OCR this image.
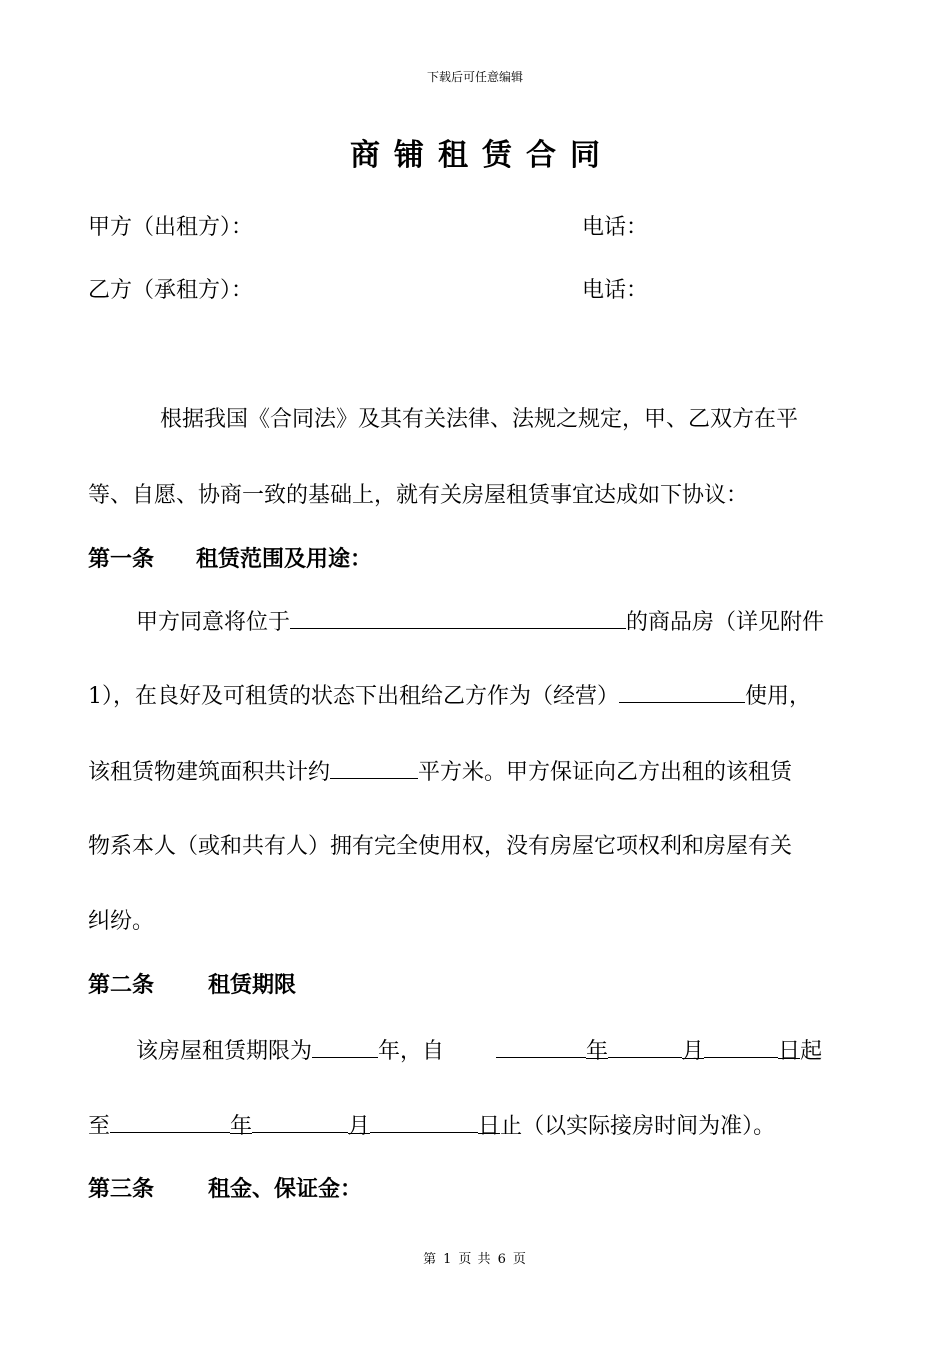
下载后可任意编辑
商铺租赁合同
甲方（出租方）：	电话：
乙方（承租方）：	电话：
根据我国《合同法》及其有关法律、法规之规定，甲、乙双方在平
等、自愿、协商一致的基础上，就有关房屋租赁事宜达成如下协议：
第一条 租赁范围及用途：
甲方同意将位于	的商品房（详见附件
1），在良好及可租赁的状态下出租给乙方作为（经营）	使用，
该租赁物建筑面积共计约	平方米。甲方保证向乙方出租的该租赁
物系本人（或和共有人）拥有完全使用权，没有房屋它项权利和房屋有关
纠纷。
第二条 租赁期限
该房屋租赁期限为	年，自	年	月	日起
至	年	月	日止（以实际接房时间为准）。
第三条 租金、保证金：
第 1 页 共 6 页
